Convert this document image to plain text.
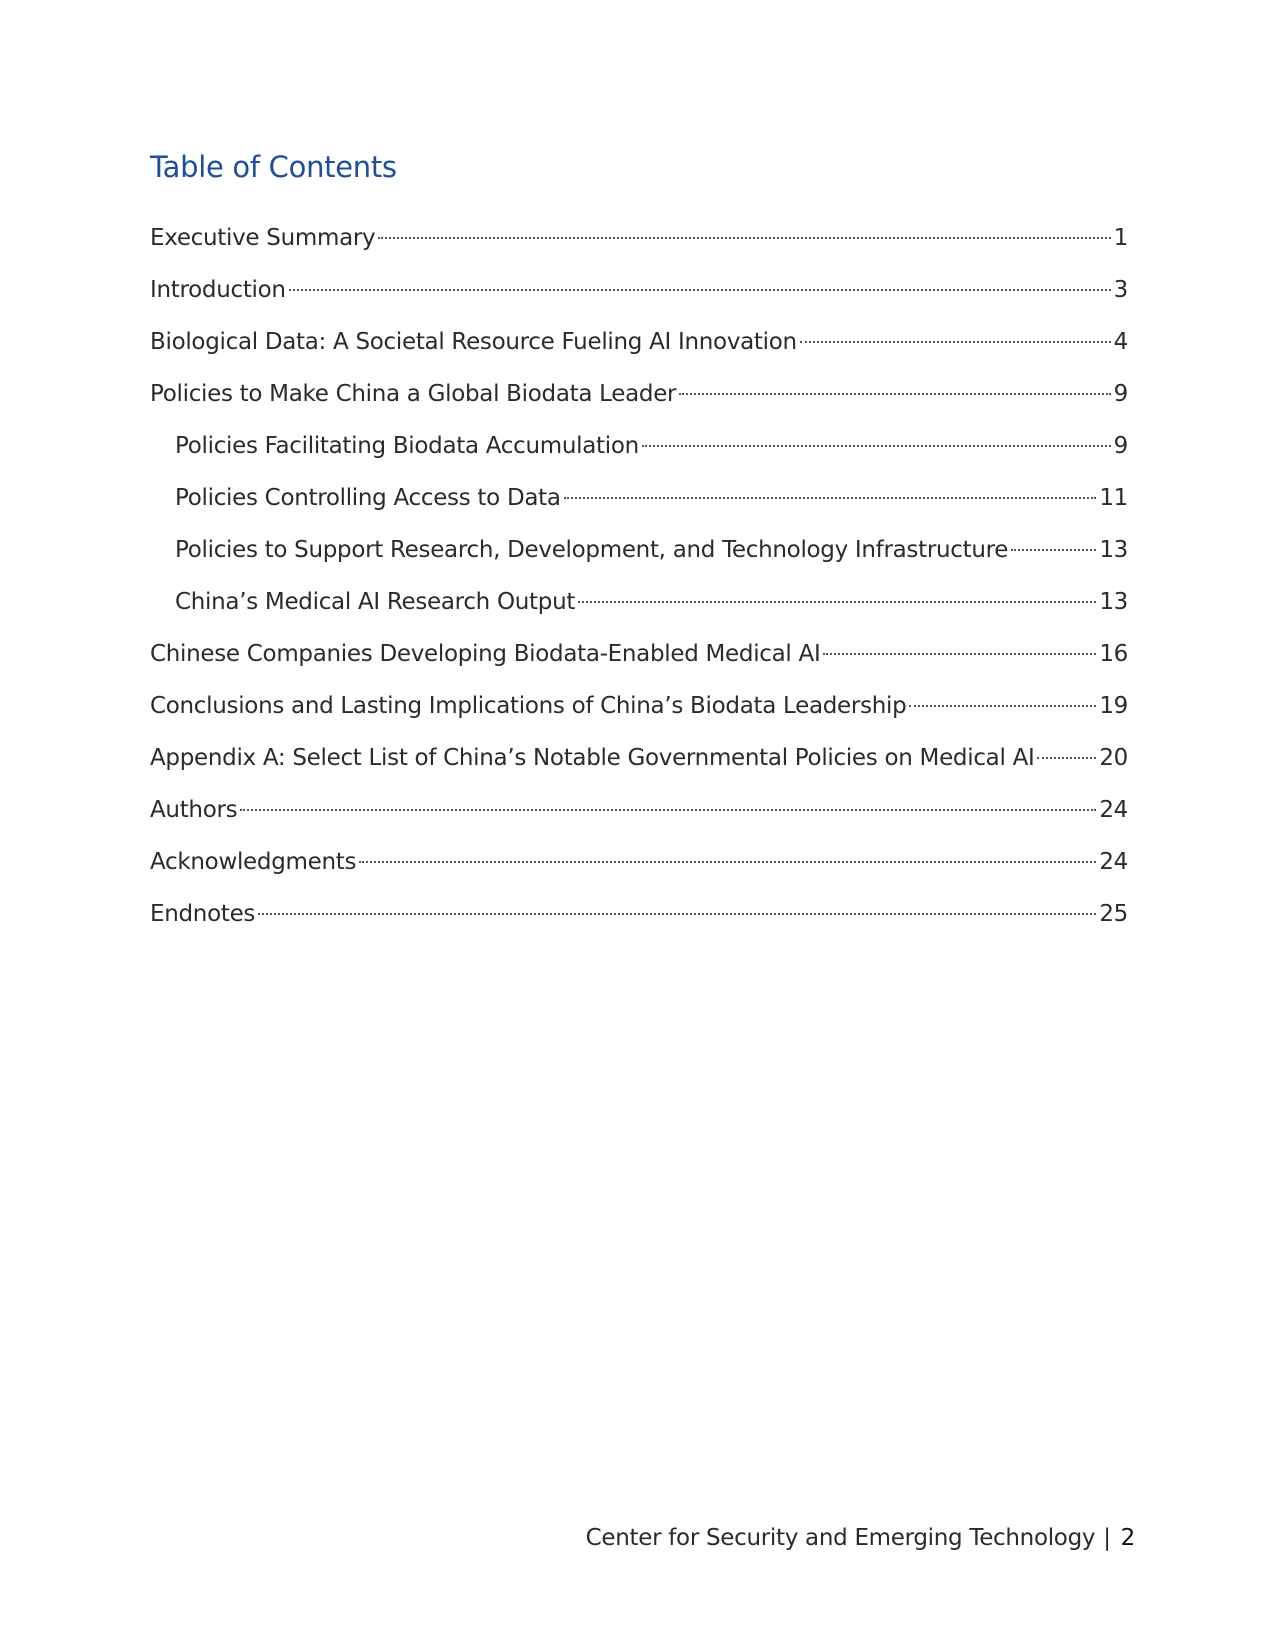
Table of Contents
Executive Summary	1
Introduction	3
Biological Data: A Societal Resource Fueling AI Innovation	4
Policies to Make China a Global Biodata Leader	9
Policies Facilitating Biodata Accumulation	9
Policies Controlling Access to Data	11
Policies to Support Research, Development, and Technology Infrastructure	13
China’s Medical AI Research Output	13
Chinese Companies Developing Biodata-Enabled Medical AI	16
Conclusions and Lasting Implications of China’s Biodata Leadership	19
Appendix A: Select List of China’s Notable Governmental Policies on Medical AI	20
Authors	24
Acknowledgments	24
Endnotes	25
Center for Security and Emerging Technology | 2
